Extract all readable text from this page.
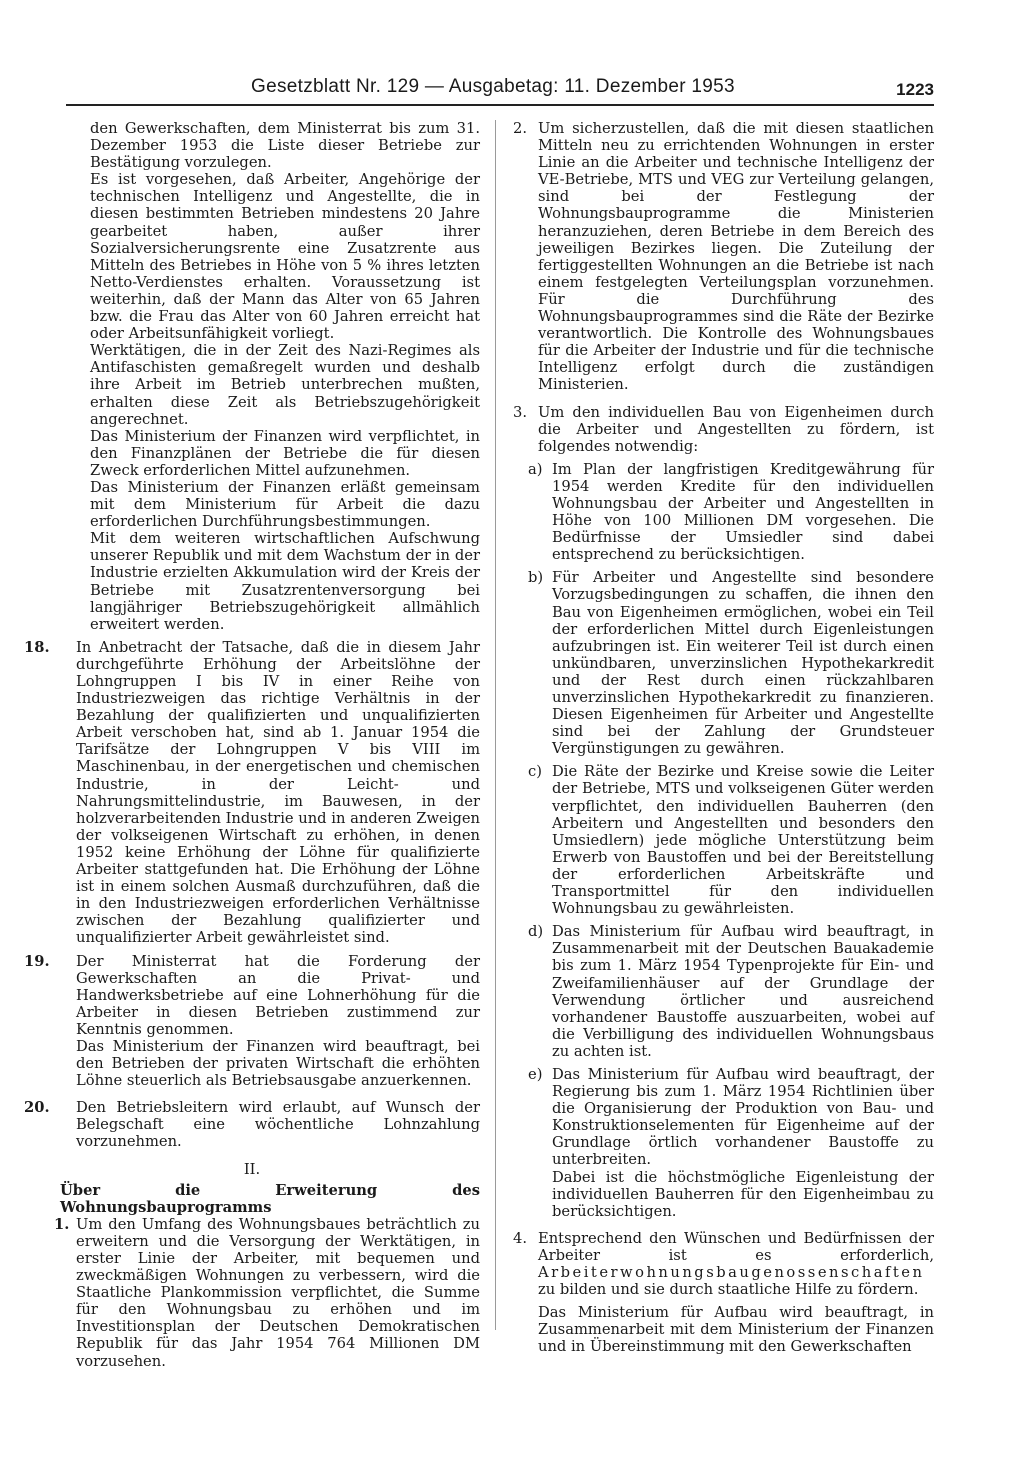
Gesetzblatt Nr. 129 — Ausgabetag: 11. Dezember 1953	1223

den Gewerkschaften, dem Ministerrat bis zum 31. Dezember 1953 die Liste dieser Betriebe zur Bestätigung vorzulegen.

Es ist vorgesehen, daß Arbeiter, Angehörige der technischen Intelligenz und Angestellte, die in diesen bestimmten Betrieben mindestens 20 Jahre gearbeitet haben, außer ihrer Sozialversicherungsrente eine Zusatzrente aus Mitteln des Betriebes in Höhe von 5 % ihres letzten Netto-Verdienstes erhalten. Voraussetzung ist weiterhin, daß der Mann das Alter von 65 Jahren bzw. die Frau das Alter von 60 Jahren erreicht hat oder Arbeitsunfähigkeit vorliegt.

Werktätigen, die in der Zeit des Nazi-Regimes als Antifaschisten gemaßregelt wurden und deshalb ihre Arbeit im Betrieb unterbrechen mußten, erhalten diese Zeit als Betriebszugehörigkeit angerechnet.

Das Ministerium der Finanzen wird verpflichtet, in den Finanzplänen der Betriebe die für diesen Zweck erforderlichen Mittel aufzunehmen.

Das Ministerium der Finanzen erläßt gemeinsam mit dem Ministerium für Arbeit die dazu erforderlichen Durchführungsbestimmungen.

Mit dem weiteren wirtschaftlichen Aufschwung unserer Republik und mit dem Wachstum der in der Industrie erzielten Akkumulation wird der Kreis der Betriebe mit Zusatzrentenversorgung bei langjähriger Betriebszugehörigkeit allmählich erweitert werden.

18. In Anbetracht der Tatsache, daß die in diesem Jahr durchgeführte Erhöhung der Arbeitslöhne der Lohngruppen I bis IV in einer Reihe von Industriezweigen das richtige Verhältnis in der Bezahlung der qualifizierten und unqualifizierten Arbeit verschoben hat, sind ab 1. Januar 1954 die Tarifsätze der Lohngruppen V bis VIII im Maschinenbau, in der energetischen und chemischen Industrie, in der Leicht- und Nahrungsmittelindustrie, im Bauwesen, in der holzverarbeitenden Industrie und in anderen Zweigen der volkseigenen Wirtschaft zu erhöhen, in denen 1952 keine Erhöhung der Löhne für qualifizierte Arbeiter stattgefunden hat. Die Erhöhung der Löhne ist in einem solchen Ausmaß durchzuführen, daß die in den Industriezweigen erforderlichen Verhältnisse zwischen der Bezahlung qualifizierter und unqualifizierter Arbeit gewährleistet sind.

19. Der Ministerrat hat die Forderung der Gewerkschaften an die Privat- und Handwerksbetriebe auf eine Lohnerhöhung für die Arbeiter in diesen Betrieben zustimmend zur Kenntnis genommen.

Das Ministerium der Finanzen wird beauftragt, bei den Betrieben der privaten Wirtschaft die erhöhten Löhne steuerlich als Betriebsausgabe anzuerkennen.

20. Den Betriebsleitern wird erlaubt, auf Wunsch der Belegschaft eine wöchentliche Lohnzahlung vorzunehmen.

II.

Über die Erweiterung des Wohnungsbauprogramms

1. Um den Umfang des Wohnungsbaues beträchtlich zu erweitern und die Versorgung der Werktätigen, in erster Linie der Arbeiter, mit bequemen und zweckmäßigen Wohnungen zu verbessern, wird die Staatliche Plankommission verpflichtet, die Summe für den Wohnungsbau zu erhöhen und im Investitionsplan der Deutschen Demokratischen Republik für das Jahr 1954 764 Millionen DM vorzusehen.

2. Um sicherzustellen, daß die mit diesen staatlichen Mitteln neu zu errichtenden Wohnungen in erster Linie an die Arbeiter und technische Intelligenz der VE-Betriebe, MTS und VEG zur Verteilung gelangen, sind bei der Festlegung der Wohnungsbauprogramme die Ministerien heranzuziehen, deren Betriebe in dem Bereich des jeweiligen Bezirkes liegen. Die Zuteilung der fertiggestellten Wohnungen an die Betriebe ist nach einem festgelegten Verteilungsplan vorzunehmen. Für die Durchführung des Wohnungsbauprogrammes sind die Räte der Bezirke verantwortlich. Die Kontrolle des Wohnungsbaues für die Arbeiter der Industrie und für die technische Intelligenz erfolgt durch die zuständigen Ministerien.

3. Um den individuellen Bau von Eigenheimen durch die Arbeiter und Angestellten zu fördern, ist folgendes notwendig:

a) Im Plan der langfristigen Kreditgewährung für 1954 werden Kredite für den individuellen Wohnungsbau der Arbeiter und Angestellten in Höhe von 100 Millionen DM vorgesehen. Die Bedürfnisse der Umsiedler sind dabei entsprechend zu berücksichtigen.

b) Für Arbeiter und Angestellte sind besondere Vorzugsbedingungen zu schaffen, die ihnen den Bau von Eigenheimen ermöglichen, wobei ein Teil der erforderlichen Mittel durch Eigenleistungen aufzubringen ist. Ein weiterer Teil ist durch einen unkündbaren, unverzinslichen Hypothekarkredit und der Rest durch einen rückzahlbaren unverzinslichen Hypothekarkredit zu finanzieren. Diesen Eigenheimen für Arbeiter und Angestellte sind bei der Zahlung der Grundsteuer Vergünstigungen zu gewähren.

c) Die Räte der Bezirke und Kreise sowie die Leiter der Betriebe, MTS und volkseigenen Güter werden verpflichtet, den individuellen Bauherren (den Arbeitern und Angestellten und besonders den Umsiedlern) jede mögliche Unterstützung beim Erwerb von Baustoffen und bei der Bereitstellung der erforderlichen Arbeitskräfte und Transportmittel für den individuellen Wohnungsbau zu gewährleisten.

d) Das Ministerium für Aufbau wird beauftragt, in Zusammenarbeit mit der Deutschen Bauakademie bis zum 1. März 1954 Typenprojekte für Ein- und Zweifamilienhäuser auf der Grundlage der Verwendung örtlicher und ausreichend vorhandener Baustoffe auszuarbeiten, wobei auf die Verbilligung des individuellen Wohnungsbaus zu achten ist.

e) Das Ministerium für Aufbau wird beauftragt, der Regierung bis zum 1. März 1954 Richtlinien über die Organisierung der Produktion von Bau- und Konstruktionselementen für Eigenheime auf der Grundlage örtlich vorhandener Baustoffe zu unterbreiten.

Dabei ist die höchstmögliche Eigenleistung der individuellen Bauherren für den Eigenheimbau zu berücksichtigen.

4. Entsprechend den Wünschen und Bedürfnissen der Arbeiter ist es erforderlich, Arbeiterwohnungsbaugenossenschaften zu bilden und sie durch staatliche Hilfe zu fördern.

Das Ministerium für Aufbau wird beauftragt, in Zusammenarbeit mit dem Ministerium der Finanzen und in Übereinstimmung mit den Gewerkschaften
